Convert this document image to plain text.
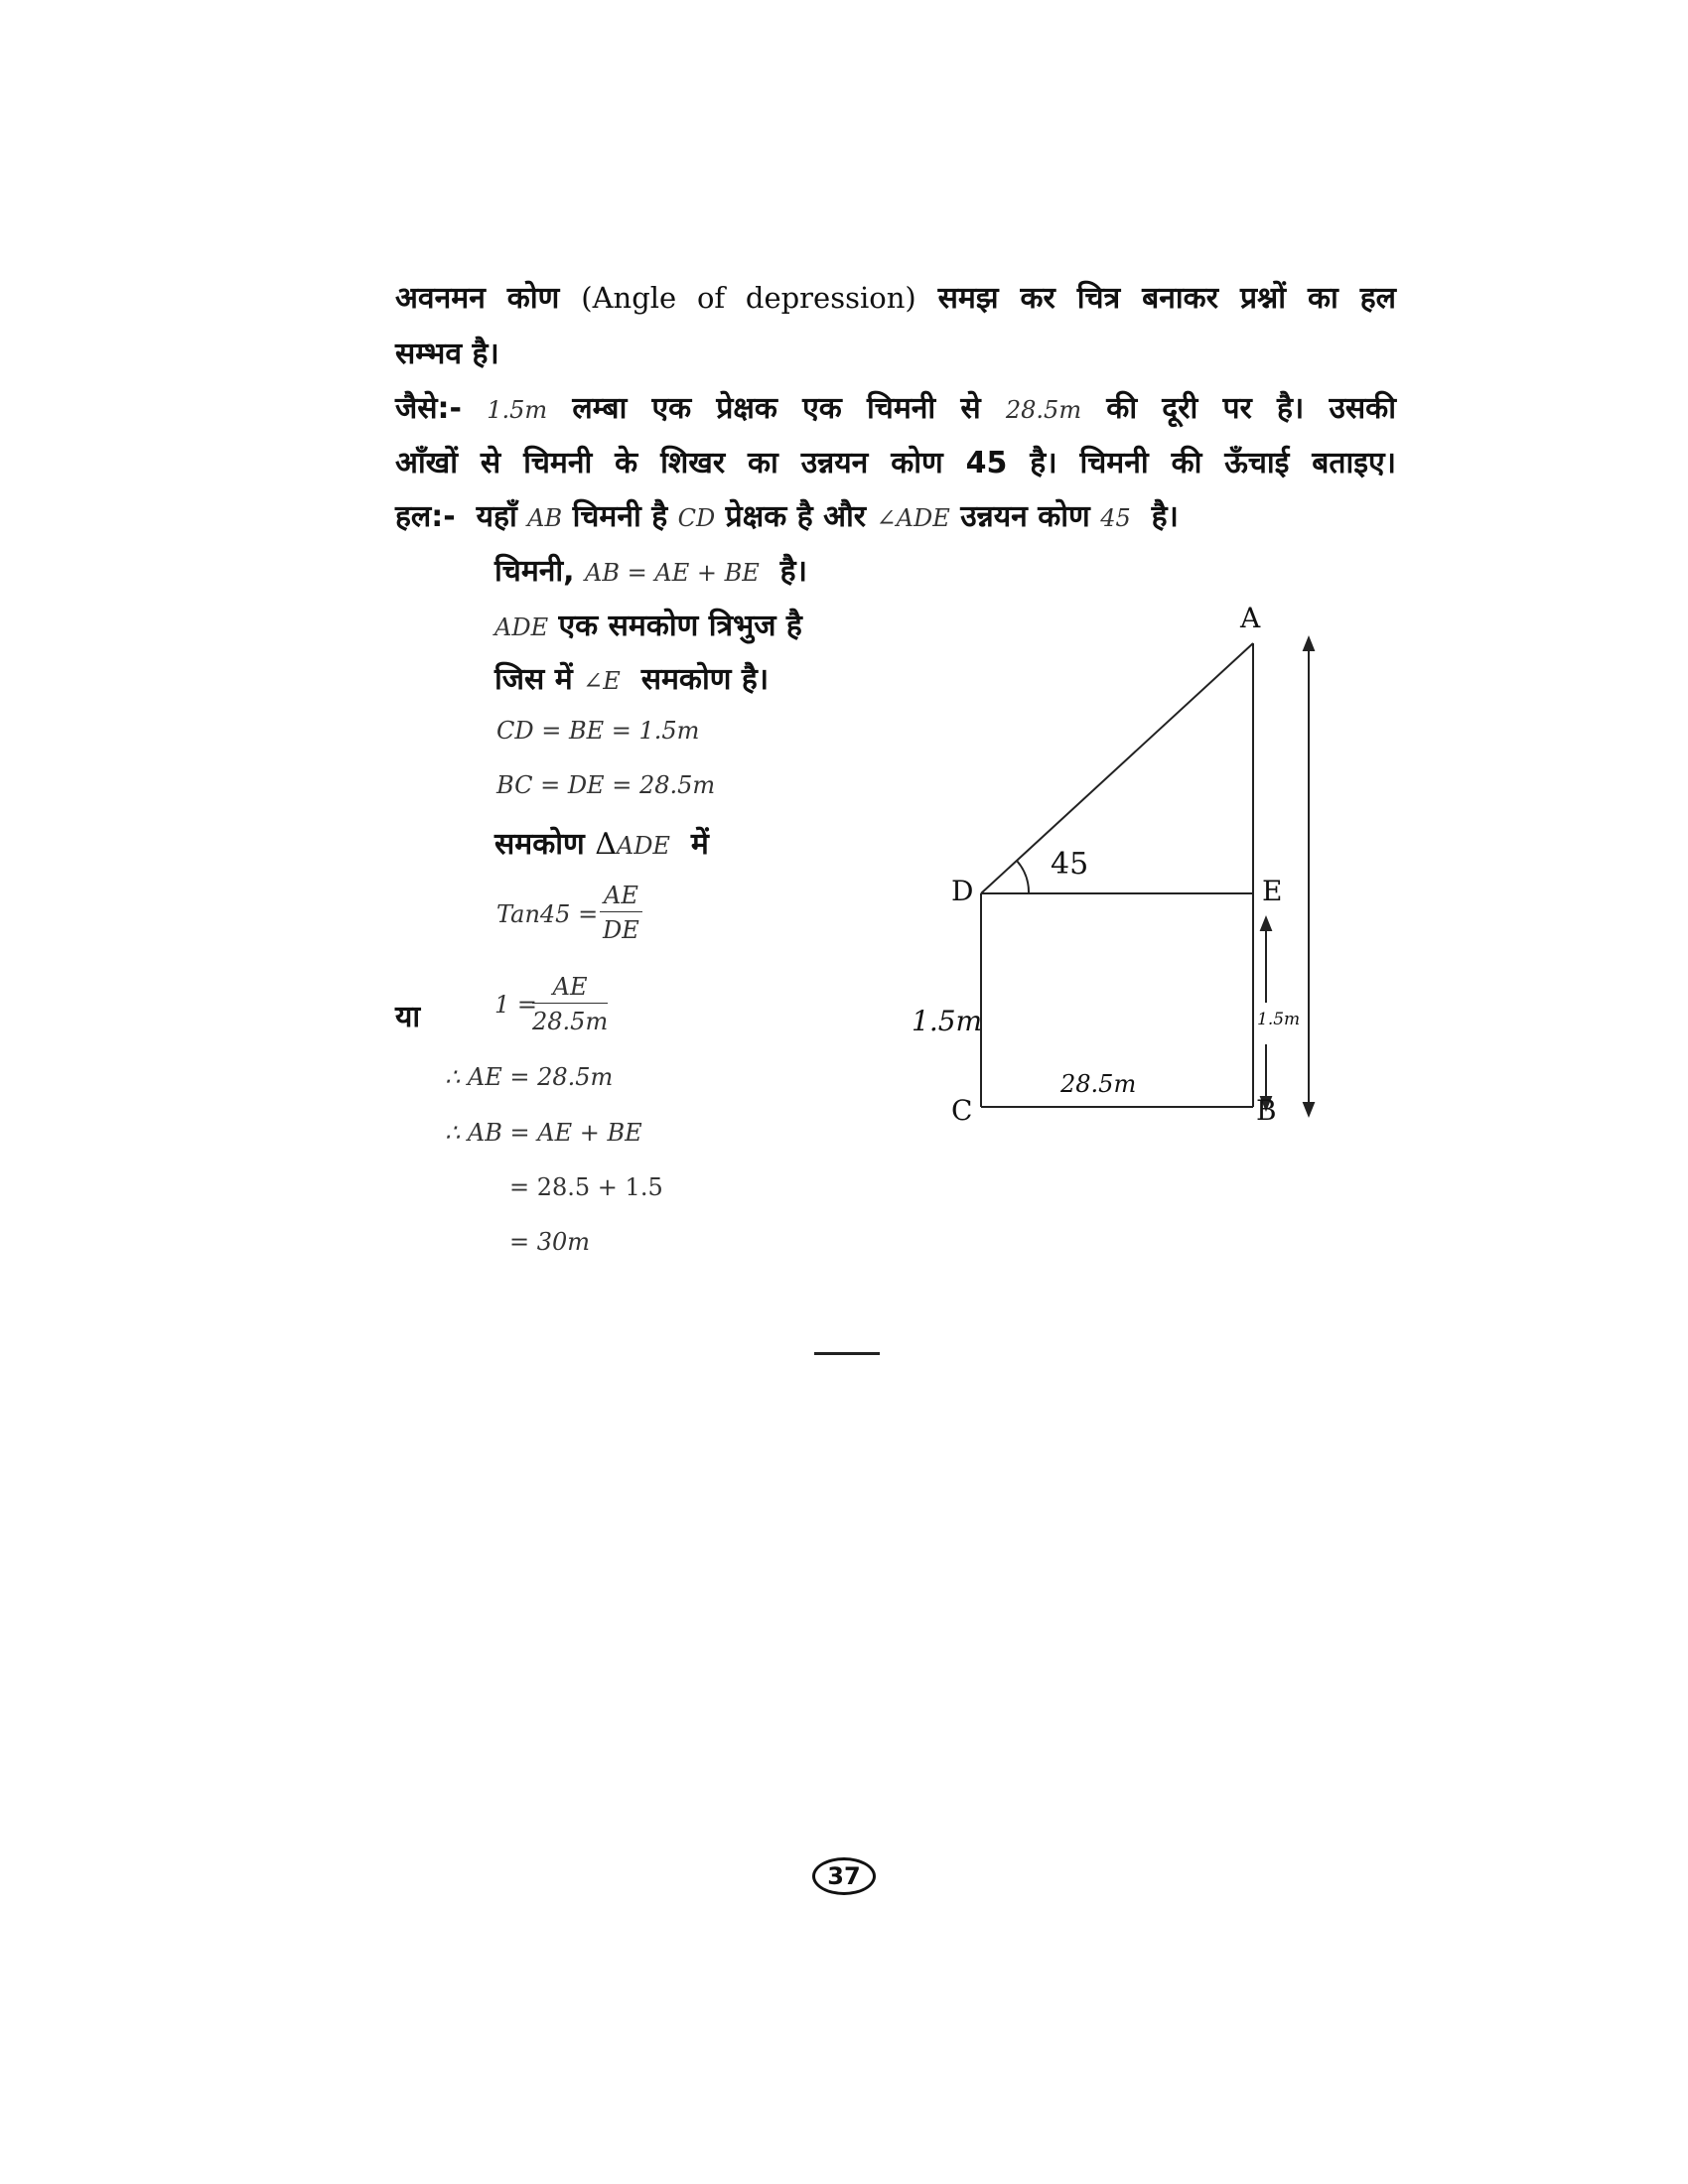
अवनमन कोण (Angle of depression) समझ कर चित्र बनाकर प्रश्नों का हल
सम्भव है।
जैसे:- 1.5m लम्बा एक प्रेक्षक एक चिमनी से 28.5m की दूरी पर है। उसकी
आँखों से चिमनी के शिखर का उन्नयन कोण 45 है। चिमनी की ऊँचाई बताइए।
हल:- यहाँ AB चिमनी है CD प्रेक्षक है और ∠ADE उन्नयन कोण 45 है।
चिमनी, AB = AE + BE है।
ADE एक समकोण त्रिभुज है
जिस में ∠E समकोण है।
CD = BE = 1.5m
BC = DE = 28.5m
समकोण ΔADE में
$Tan45 = \frac{AE}{DE}$
या	1 =
$\frac{AE}{28.5m}$
∴ AE = 28.5m
∴ AB = AE + BE
= 28.5 + 1.5
= 30m
A
B
C
D	E
45
1.5m
28.5m
1.5m
37
